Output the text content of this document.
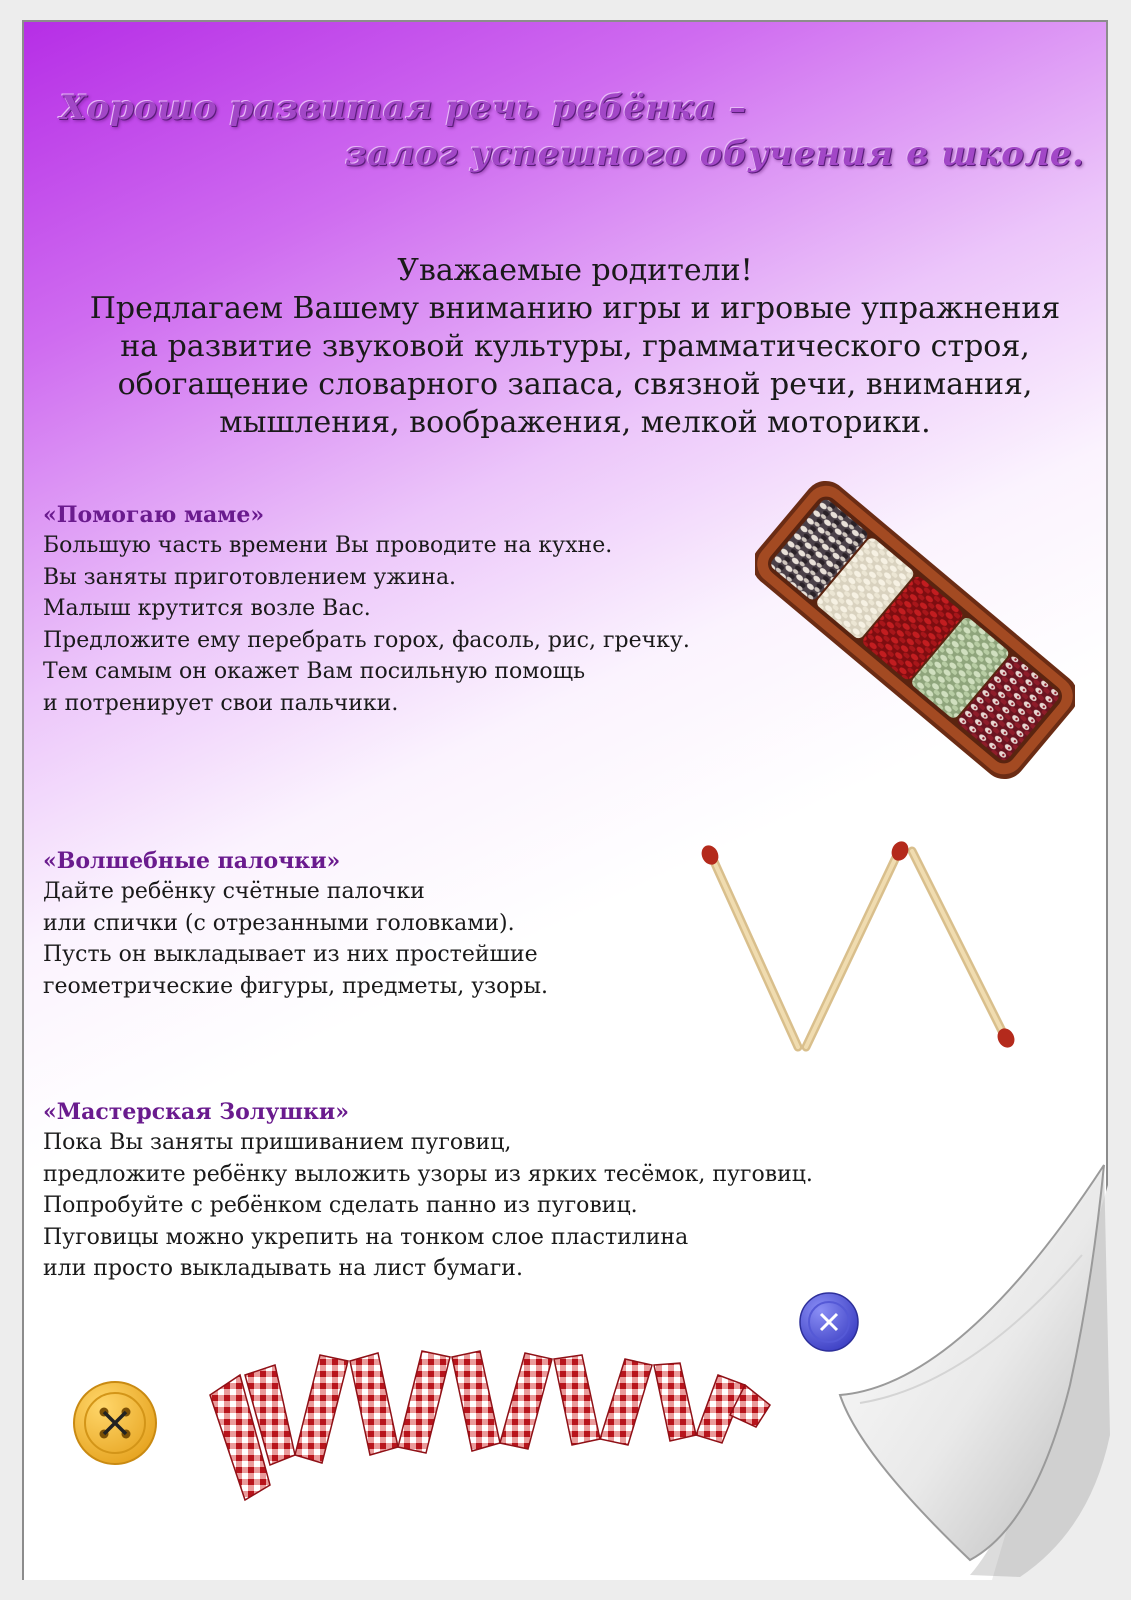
Хорошо развитая речь ребёнка –
залог успешного обучения в школе.

Уважаемые родители!

Предлагаем Вашему вниманию игры и игровые упражнения
на развитие звуковой культуры, грамматического строя,
обогащение словарного запаса, связной речи, внимания,
мышления, воображения, мелкой моторики.

«Помогаю маме»

Большую часть времени Вы проводите на кухне.

Вы заняты приготовлением ужина.

Малыш крутится возле Вас.

Предложите ему перебрать горох, фасоль, рис, гречку.

Тем самым он окажет Вам посильную помощь

и потренирует свои пальчики.

«Волшебные палочки»

Дайте ребёнку счётные палочки

или спички (с отрезанными головками).

Пусть он выкладывает из них простейшие

геометрические фигуры, предметы, узоры.

«Мастерская Золушки»

Пока Вы заняты пришиванием пуговиц,

предложите ребёнку выложить узоры из ярких тесёмок, пуговиц.

Попробуйте с ребёнком сделать панно из пуговиц.

Пуговицы можно укрепить на тонком слое пластилина

или просто выкладывать на лист бумаги.
